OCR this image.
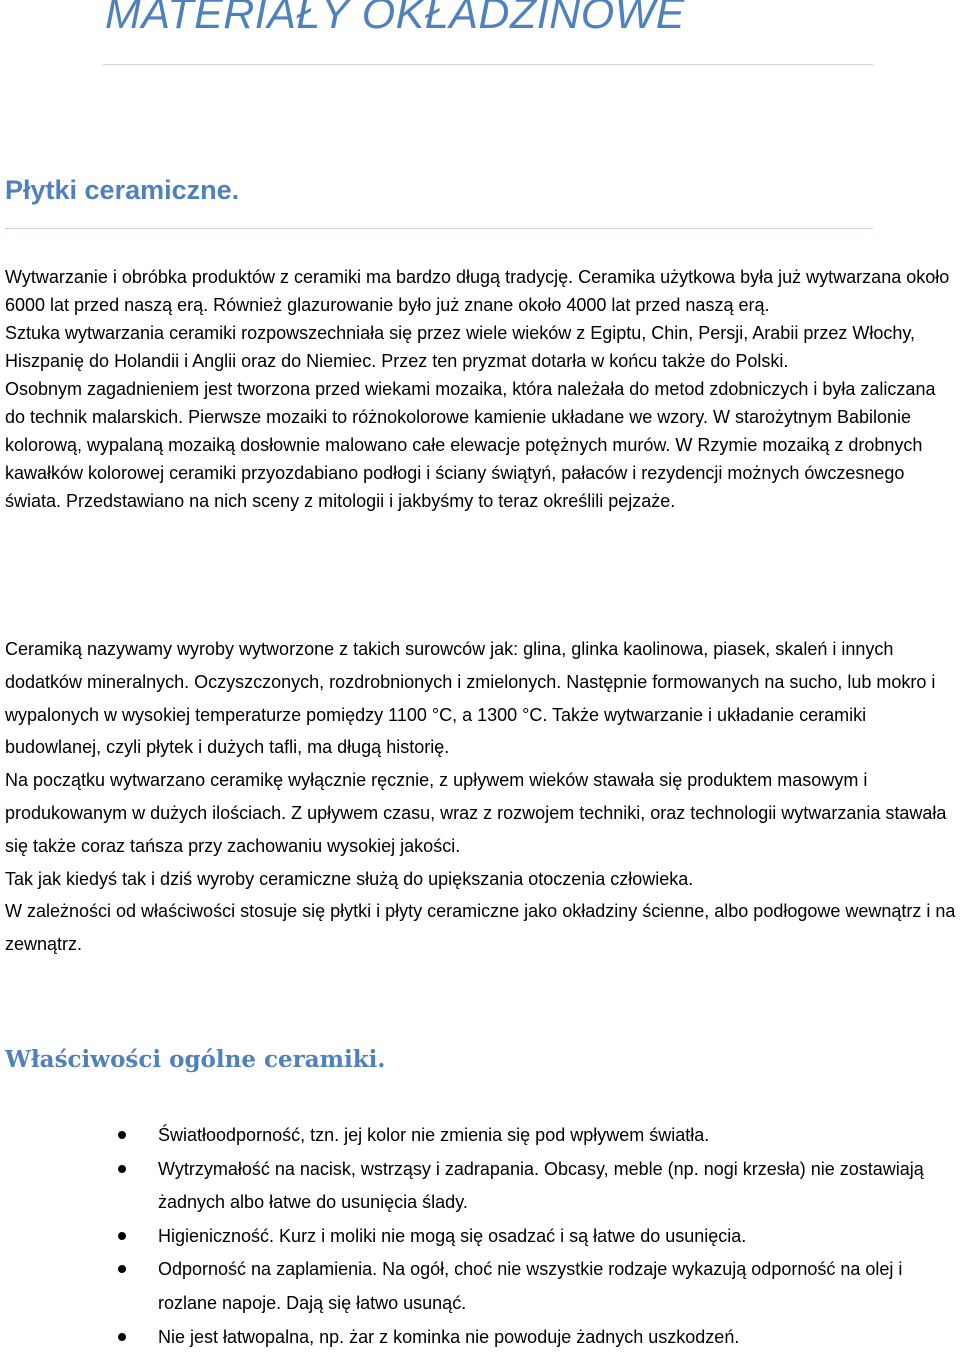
MATERIAŁY OKŁADZINOWE
Płytki ceramiczne.

Wytwarzanie i obróbka produktów z ceramiki ma bardzo długą tradycję. Ceramika użytkowa była już wytwarzana około 6000 lat przed naszą erą. Również glazurowanie było już znane około 4000 lat przed naszą erą.

Sztuka wytwarzania ceramiki rozpowszechniała się przez wiele wieków z Egiptu, Chin, Persji, Arabii przez Włochy, Hiszpanię do Holandii i Anglii oraz do Niemiec. Przez ten pryzmat dotarła w końcu także do Polski.

Osobnym zagadnieniem jest tworzona przed wiekami mozaika, która należała do metod zdobniczych i była zaliczana do technik malarskich. Pierwsze mozaiki to różnokolorowe kamienie układane we wzory. W starożytnym Babilonie kolorową, wypalaną mozaiką dosłownie malowano całe elewacje potężnych murów. W Rzymie mozaiką z drobnych kawałków kolorowej ceramiki przyozdabiano podłogi i ściany świątyń, pałaców i rezydencji możnych ówczesnego świata. Przedstawiano na nich sceny z mitologii i jakbyśmy to teraz określili pejzaże.

Ceramiką nazywamy wyroby wytworzone z takich surowców jak: glina, glinka kaolinowa, piasek, skaleń i innych dodatków mineralnych. Oczyszczonych, rozdrobnionych i zmielonych. Następnie formowanych na sucho, lub mokro i wypalonych w wysokiej temperaturze pomiędzy 1100 °C, a 1300 °C. Także wytwarzanie i układanie ceramiki budowlanej, czyli płytek i dużych tafli, ma długą historię.

Na początku wytwarzano ceramikę wyłącznie ręcznie, z upływem wieków stawała się produktem masowym i produkowanym w dużych ilościach. Z upływem czasu, wraz z rozwojem techniki, oraz technologii wytwarzania stawała się także coraz tańsza przy zachowaniu wysokiej jakości.

Tak jak kiedyś tak i dziś wyroby ceramiczne służą do upiększania otoczenia człowieka.

W zależności od właściwości stosuje się płytki i płyty ceramiczne jako okładziny ścienne, albo podłogowe wewnątrz i na zewnątrz.

Właściwości ogólne ceramiki.
Światłoodporność, tzn. jej kolor nie zmienia się pod wpływem światła.
Wytrzymałość na nacisk, wstrząsy i zadrapania. Obcasy, meble (np. nogi krzesła) nie zostawiają żadnych albo łatwe do usunięcia ślady.
Higieniczność. Kurz i moliki nie mogą się osadzać i są łatwe do usunięcia.
Odporność na zaplamienia. Na ogół, choć nie wszystkie rodzaje wykazują odporność na olej i rozlane napoje. Dają się łatwo usunąć.
Nie jest łatwopalna, np. żar z kominka nie powoduje żadnych uszkodzeń.
